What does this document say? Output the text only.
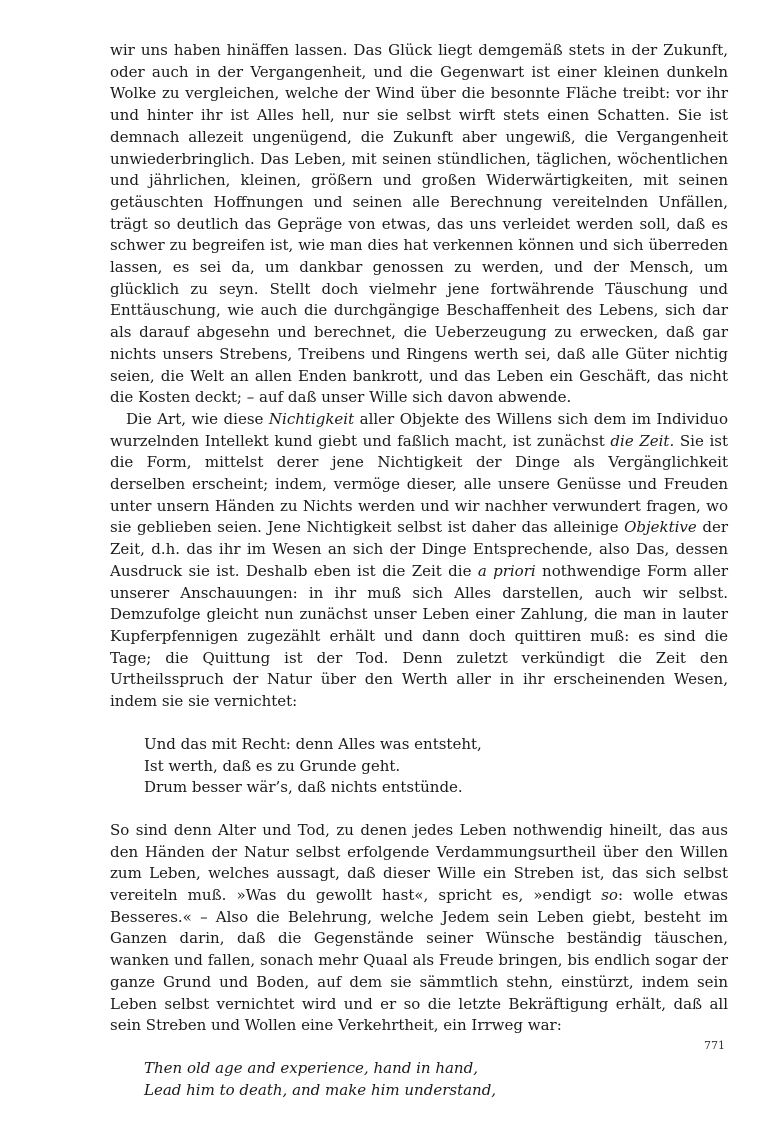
wir uns haben hinäffen lassen. Das Glück liegt demgemäß stets in der Zukunft, oder auch in der Vergangenheit, und die Gegenwart ist einer kleinen dunkeln Wolke zu vergleichen, welche der Wind über die besonnte Fläche treibt: vor ihr und hinter ihr ist Alles hell, nur sie selbst wirft stets einen Schatten. Sie ist demnach allezeit ungenügend, die Zukunft aber ungewiß, die Vergangenheit unwiederbringlich. Das Leben, mit seinen stündlichen, täglichen, wöchentlichen und jährlichen, kleinen, größern und großen Widerwärtigkeiten, mit seinen getäuschten Hoffnungen und seinen alle Berechnung vereitelnden Unfällen, trägt so deutlich das Gepräge von etwas, das uns verleidet werden soll, daß es schwer zu begreifen ist, wie man dies hat verkennen können und sich überreden lassen, es sei da, um dankbar genossen zu werden, und der Mensch, um glücklich zu seyn. Stellt doch vielmehr jene fortwährende Täuschung und Enttäuschung, wie auch die durchgängige Beschaffenheit des Lebens, sich dar als darauf abgesehn und berechnet, die Ueberzeugung zu erwecken, daß gar nichts unsers Strebens, Treibens und Ringens werth sei, daß alle Güter nichtig seien, die Welt an allen Enden bankrott, und das Leben ein Geschäft, das nicht die Kosten deckt; – auf daß unser Wille sich davon abwende.

Die Art, wie diese Nichtigkeit aller Objekte des Willens sich dem im Individuo wurzelnden Intellekt kund giebt und faßlich macht, ist zunächst die Zeit. Sie ist die Form, mittelst derer jene Nichtigkeit der Dinge als Vergänglichkeit derselben erscheint; indem, vermöge dieser, alle unsere Genüsse und Freuden unter unsern Händen zu Nichts werden und wir nachher verwundert fragen, wo sie geblieben seien. Jene Nichtigkeit selbst ist daher das alleinige Objektive der Zeit, d.h. das ihr im Wesen an sich der Dinge Entsprechende, also Das, dessen Ausdruck sie ist. Deshalb eben ist die Zeit die a priori nothwendige Form aller unserer Anschauungen: in ihr muß sich Alles darstellen, auch wir selbst. Demzufolge gleicht nun zunächst unser Leben einer Zahlung, die man in lauter Kupferpfennigen zugezählt erhält und dann doch quittiren muß: es sind die Tage; die Quittung ist der Tod. Denn zuletzt verkündigt die Zeit den Urtheilsspruch der Natur über den Werth aller in ihr erscheinenden Wesen, indem sie sie vernichtet:

Und das mit Recht: denn Alles was entsteht,
Ist werth, daß es zu Grunde geht.
Drum besser wär’s, daß nichts entstünde.

So sind denn Alter und Tod, zu denen jedes Leben nothwendig hineilt, das aus den Händen der Natur selbst erfolgende Verdammungsurtheil über den Willen zum Leben, welches aussagt, daß dieser Wille ein Streben ist, das sich selbst vereiteln muß. »Was du gewollt hast«, spricht es, »endigt so: wolle etwas Besseres.« – Also die Belehrung, welche Jedem sein Leben giebt, besteht im Ganzen darin, daß die Gegenstände seiner Wünsche beständig täuschen, wanken und fallen, sonach mehr Quaal als Freude bringen, bis endlich sogar der ganze Grund und Boden, auf dem sie sämmtlich stehn, einstürzt, indem sein Leben selbst vernichtet wird und er so die letzte Bekräftigung erhält, daß all sein Streben und Wollen eine Verkehrtheit, ein Irrweg war:

Then old age and experience, hand in hand,
Lead him to death, and make him understand,
771
